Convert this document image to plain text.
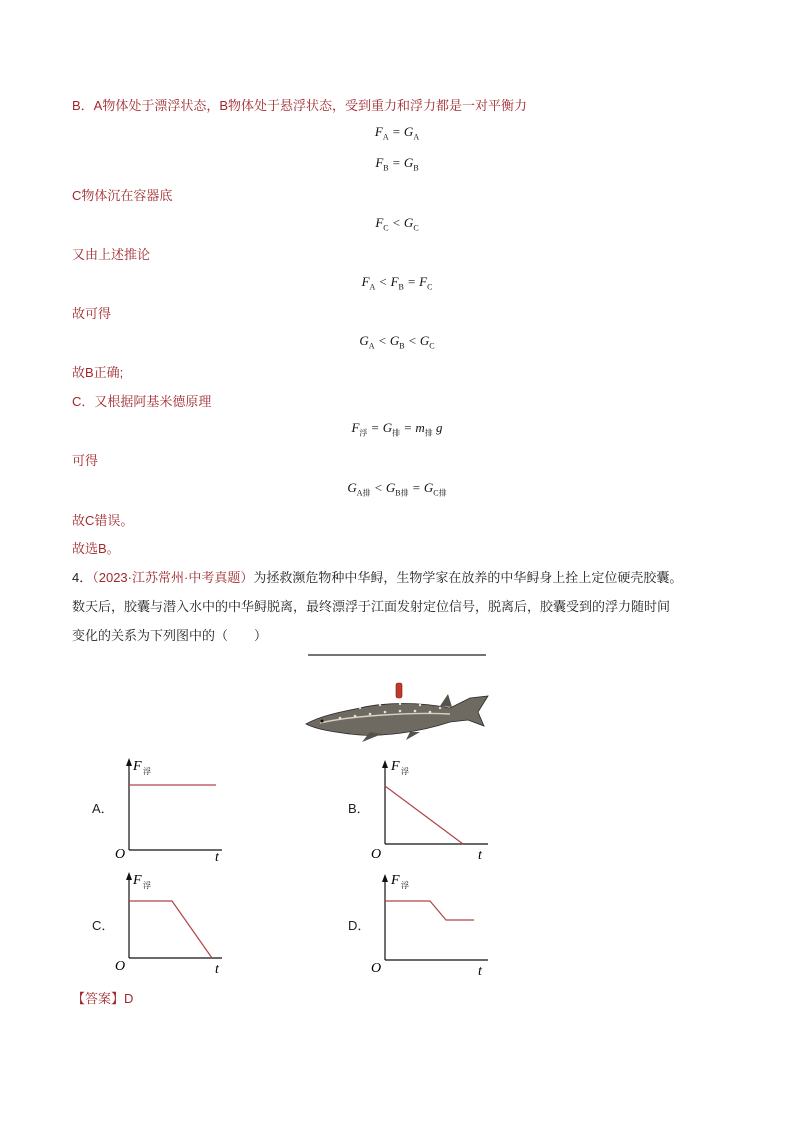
B．A物体处于漂浮状态，B物体处于悬浮状态，受到重力和浮力都是一对平衡力
$F_A = G_A$
$F_B = G_B$
C物体沉在容器底
$F_C < G_C$
又由上述推论
$F_A < F_B = F_C$
故可得
$G_A < G_B < G_C$
故B正确;
C．又根据阿基米德原理
$F_浮 = G_排 = m_排$ g
可得
$G_{A排} < G_{B排} = G_{C排}$
故C错误。
故选B。
4．（2023·江苏常州·中考真题）为拯救濒危物种中华鲟，生物学家在放养的中华鲟身上拴上定位硬壳胶囊。
数天后，胶囊与潜入水中的中华鲟脱离，最终漂浮于江面发射定位信号，脱离后，胶囊受到的浮力随时间
变化的关系为下列图中的（　　）
A．
F 浮
O	t
B．
F 浮
O	t
C．
F 浮
O	t
D．
F 浮
O	t
【答案】D
